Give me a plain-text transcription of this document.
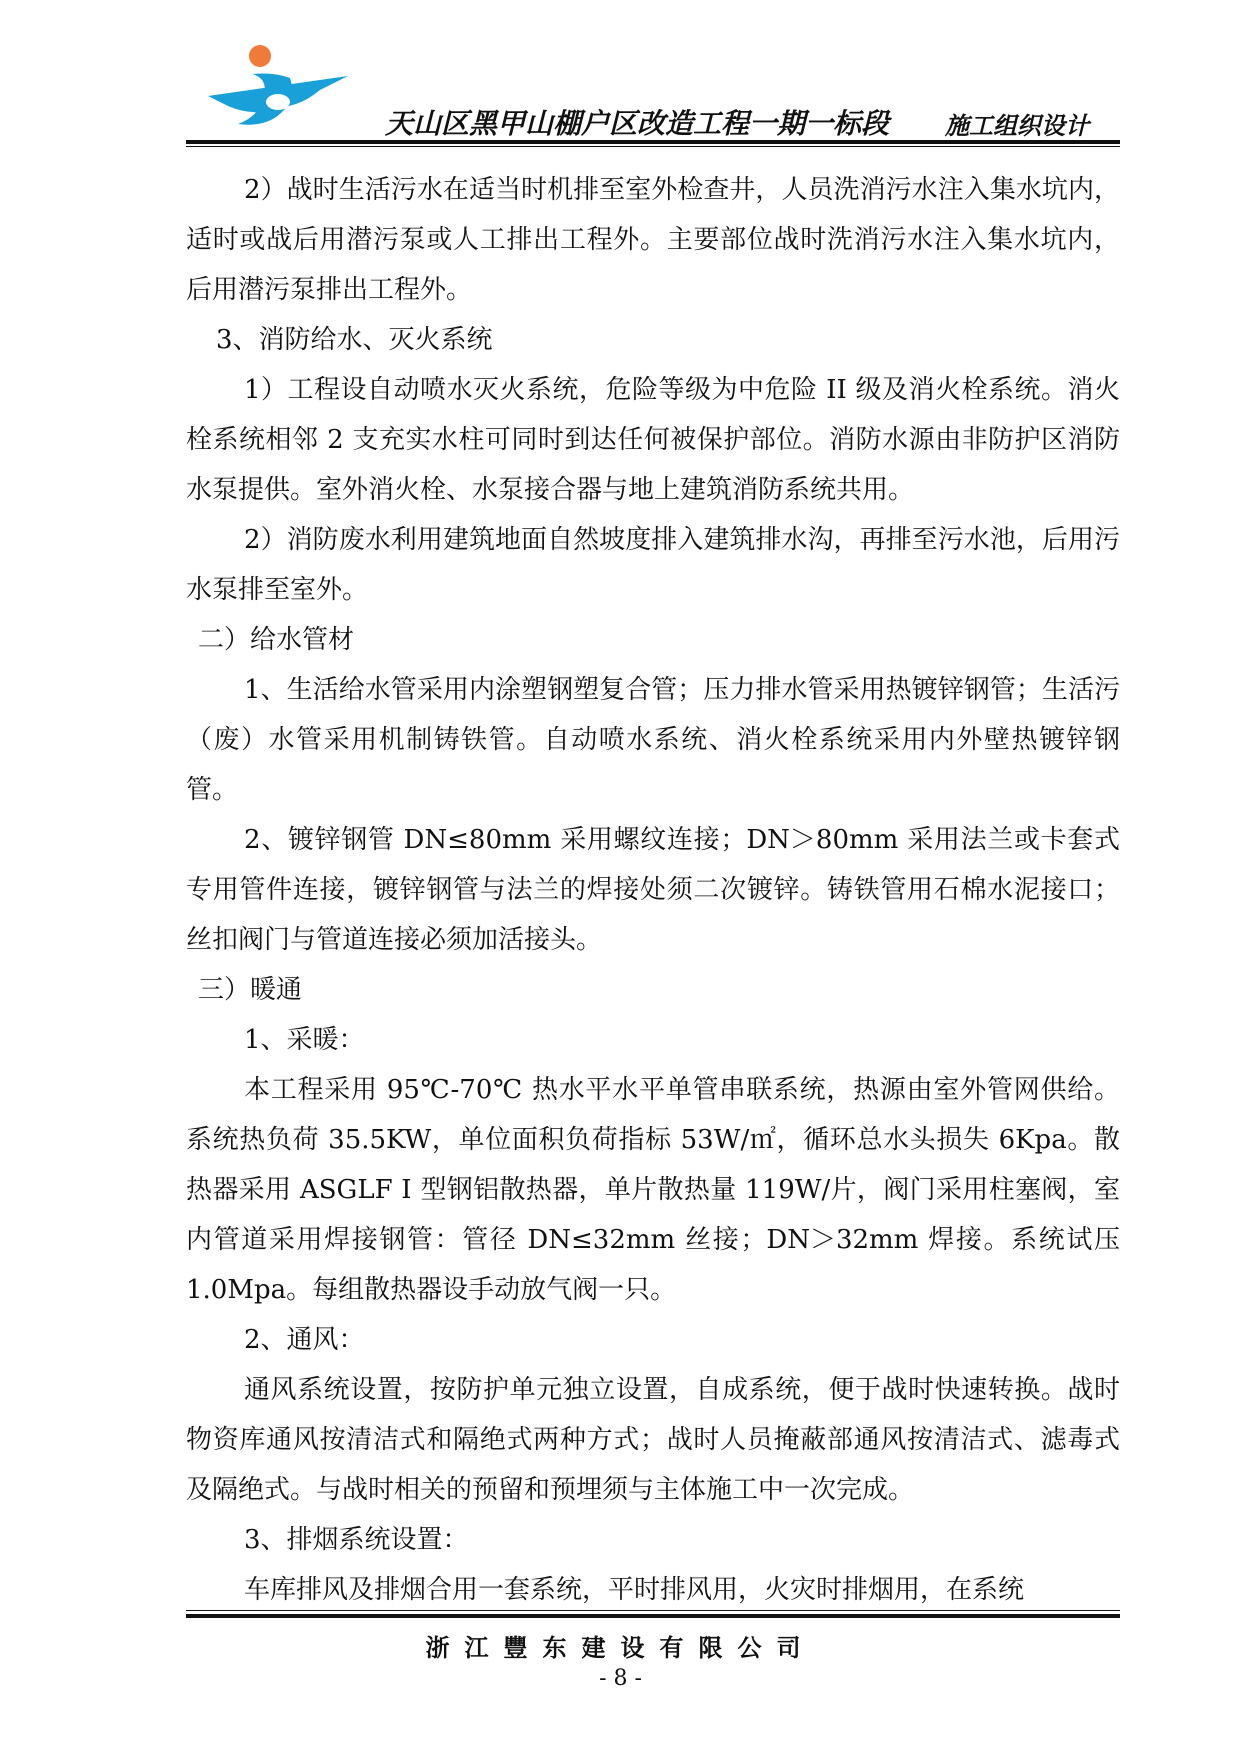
天山区黑甲山棚户区改造工程一期一标段 施工组织设计

2）战时生活污水在适当时机排至室外检查井，人员洗消污水注入集水坑内，适时或战后用潜污泵或人工排出工程外。主要部位战时洗消污水注入集水坑内，后用潜污泵排出工程外。

3、消防给水、灭火系统

1）工程设自动喷水灭火系统，危险等级为中危险 II 级及消火栓系统。消火栓系统相邻 2 支充实水柱可同时到达任何被保护部位。消防水源由非防护区消防水泵提供。室外消火栓、水泵接合器与地上建筑消防系统共用。

2）消防废水利用建筑地面自然坡度排入建筑排水沟，再排至污水池，后用污水泵排至室外。

二）给水管材

1、生活给水管采用内涂塑钢塑复合管；压力排水管采用热镀锌钢管；生活污（废）水管采用机制铸铁管。自动喷水系统、消火栓系统采用内外壁热镀锌钢管。

2、镀锌钢管 DN≤80mm 采用螺纹连接；DN＞80mm 采用法兰或卡套式专用管件连接，镀锌钢管与法兰的焊接处须二次镀锌。铸铁管用石棉水泥接口；丝扣阀门与管道连接必须加活接头。

三）暖通

1、采暖：

本工程采用 95℃-70℃ 热水平水平单管串联系统，热源由室外管网供给。系统热负荷 35.5KW，单位面积负荷指标 53W/㎡，循环总水头损失 6Kpa。散热器采用 ASGLF Ⅰ 型钢铝散热器，单片散热量 119W/片，阀门采用柱塞阀，室内管道采用焊接钢管：管径 DN≤32mm 丝接；DN＞32mm 焊接。系统试压 1.0Mpa。每组散热器设手动放气阀一只。

2、通风：

通风系统设置，按防护单元独立设置，自成系统，便于战时快速转换。战时物资库通风按清洁式和隔绝式两种方式；战时人员掩蔽部通风按清洁式、滤毒式及隔绝式。与战时相关的预留和预埋须与主体施工中一次完成。

3、排烟系统设置：

车库排风及排烟合用一套系统，平时排风用，火灾时排烟用，在系统

浙江豐东建设有限公司
- 8 -
